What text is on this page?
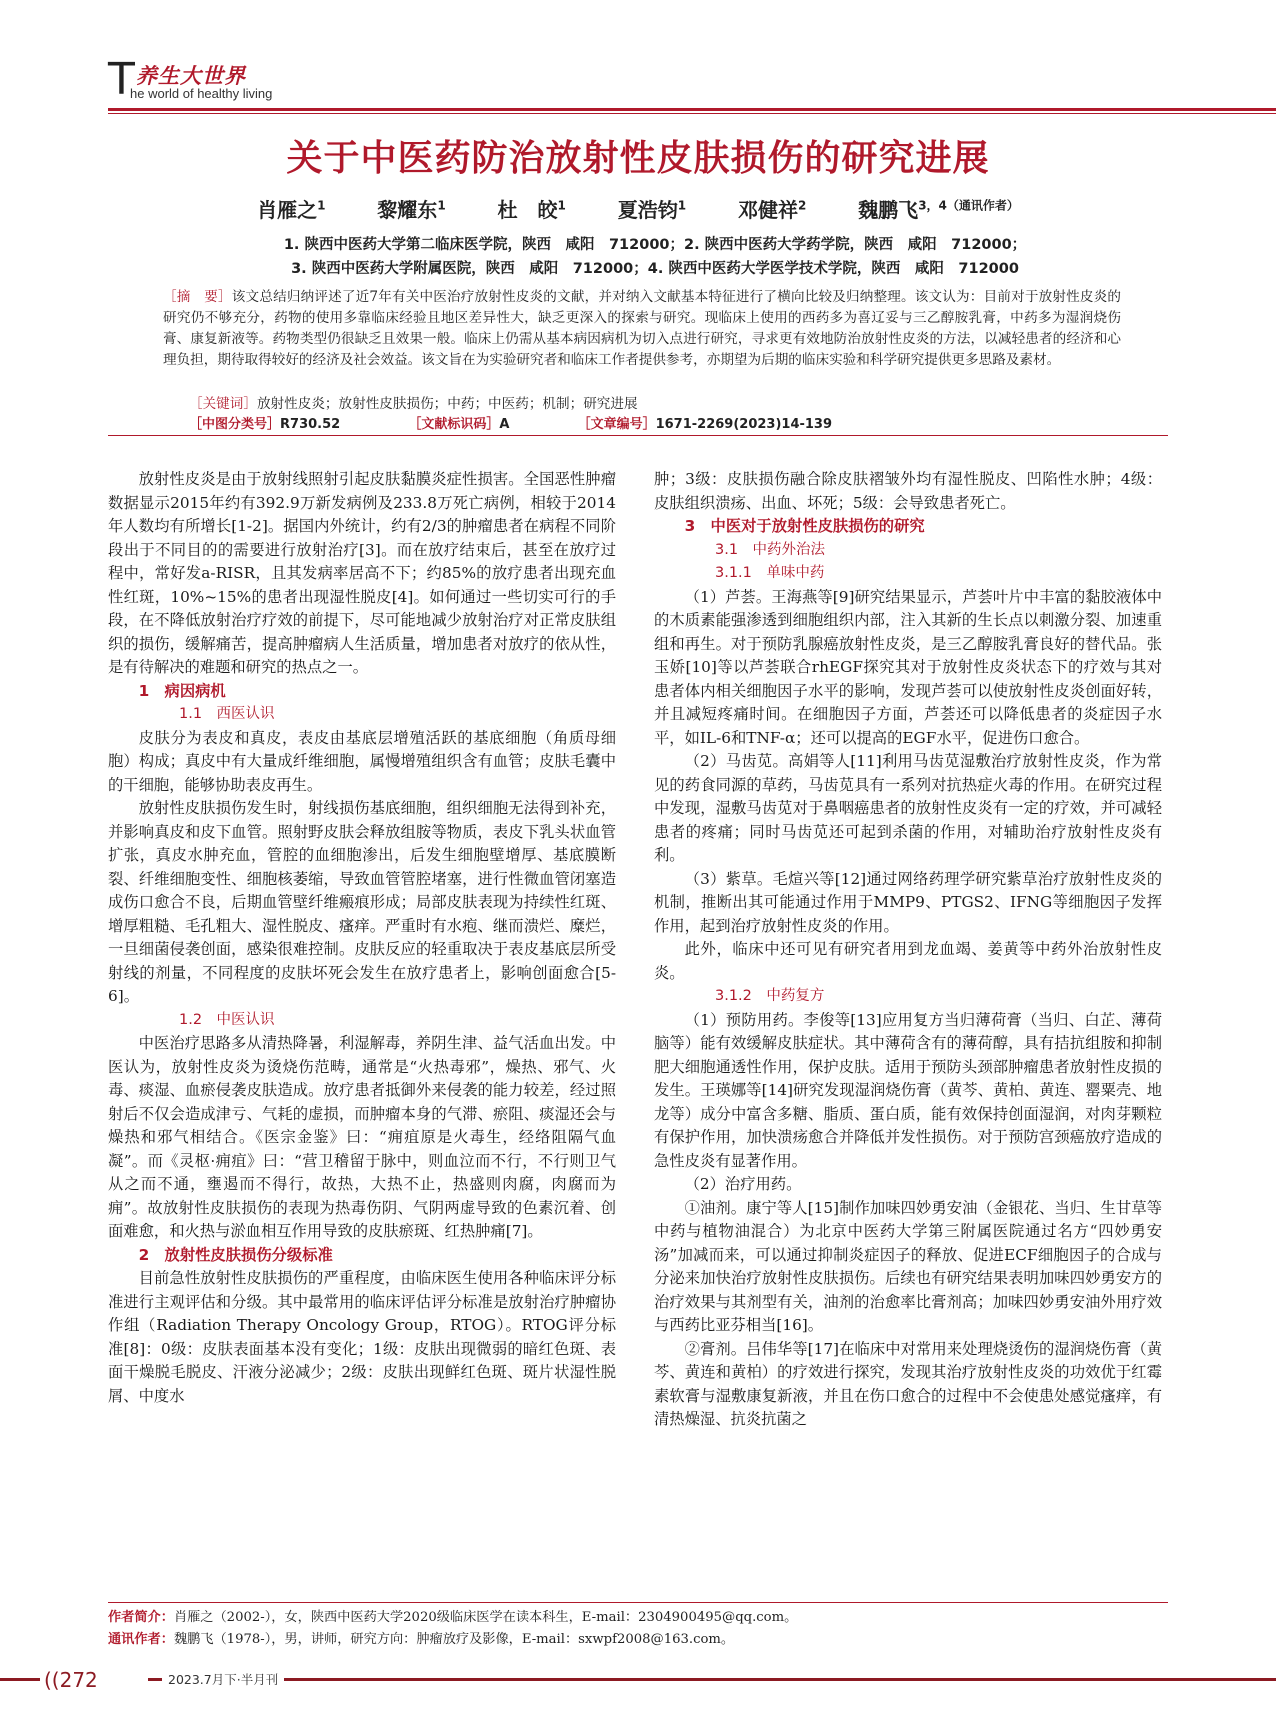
T 养生大世界
he world of healthy living
关于中医药防治放射性皮肤损伤的研究进展
肖雁之$^1$	黎耀东$^1$	杜　皎$^1$	夏浩钧$^1$	邓健祥$^2$	魏鹏飞$^{3,4(通讯作者)}$
1. 陕西中医药大学第二临床医学院，陕西　咸阳　712000；2. 陕西中医药大学药学院，陕西　咸阳　712000；
3. 陕西中医药大学附属医院，陕西　咸阳　712000；4. 陕西中医药大学医学技术学院，陕西　咸阳　712000
［摘　要］该文总结归纳评述了近7年有关中医治疗放射性皮炎的文献，并对纳入文献基本特征进行了横向比较及归纳整理。该文认为：目前对于放射性皮炎的研究仍不够充分，药物的使用多靠临床经验且地区差异性大，缺乏更深入的探索与研究。现临床上使用的西药多为喜辽妥与三乙醇胺乳膏，中药多为湿润烧伤膏、康复新液等。药物类型仍很缺乏且效果一般。临床上仍需从基本病因病机为切入点进行研究，寻求更有效地防治放射性皮炎的方法，以减轻患者的经济和心理负担，期待取得较好的经济及社会效益。该文旨在为实验研究者和临床工作者提供参考，亦期望为后期的临床实验和科学研究提供更多思路及素材。
［关键词］放射性皮炎；放射性皮肤损伤；中药；中医药；机制；研究进展
［中图分类号］R730.52	［文献标识码］A	［文章编号］1671-2269(2023)14-139

放射性皮炎是由于放射线照射引起皮肤黏膜炎症性损害。全国恶性肿瘤数据显示2015年约有392.9万新发病例及233.8万死亡病例，相较于2014年人数均有所增长[1-2]。据国内外统计，约有2/3的肿瘤患者在病程不同阶段出于不同目的的需要进行放射治疗[3]。而在放疗结束后，甚至在放疗过程中，常好发a-RISR，且其发病率居高不下；约85%的放疗患者出现充血性红斑，10%~15%的患者出现湿性脱皮[4]。如何通过一些切实可行的手段，在不降低放射治疗疗效的前提下，尽可能地减少放射治疗对正常皮肤组织的损伤，缓解痛苦，提高肿瘤病人生活质量，增加患者对放疗的依从性，是有待解决的难题和研究的热点之一。

1　病因病机

1.1　西医认识

皮肤分为表皮和真皮，表皮由基底层增殖活跃的基底细胞（角质母细胞）构成；真皮中有大量成纤维细胞，属慢增殖组织含有血管；皮肤毛囊中的干细胞，能够协助表皮再生。

放射性皮肤损伤发生时，射线损伤基底细胞，组织细胞无法得到补充，并影响真皮和皮下血管。照射野皮肤会释放组胺等物质，表皮下乳头状血管扩张，真皮水肿充血，管腔的血细胞渗出，后发生细胞壁增厚、基底膜断裂、纤维细胞变性、细胞核萎缩，导致血管管腔堵塞，进行性微血管闭塞造成伤口愈合不良，后期血管壁纤维瘢痕形成；局部皮肤表现为持续性红斑、增厚粗糙、毛孔粗大、湿性脱皮、瘙痒。严重时有水疱、继而溃烂、糜烂，一旦细菌侵袭创面，感染很难控制。皮肤反应的轻重取决于表皮基底层所受射线的剂量，不同程度的皮肤坏死会发生在放疗患者上，影响创面愈合[5-6]。

1.2　中医认识

中医治疗思路多从清热降暑，利湿解毒，养阴生津、益气活血出发。中医认为，放射性皮炎为烫烧伤范畴，通常是“火热毒邪”，燥热、邪气、火毒、痰湿、血瘀侵袭皮肤造成。放疗患者抵御外来侵袭的能力较差，经过照射后不仅会造成津亏、气耗的虚损，而肿瘤本身的气滞、瘀阻、痰湿还会与燥热和邪气相结合。《医宗金鉴》曰：“痈疽原是火毒生，经络阻隔气血凝”。而《灵枢·痈疽》曰：“营卫稽留于脉中，则血泣而不行，不行则卫气从之而不通，壅遏而不得行，故热，大热不止，热盛则肉腐，肉腐而为痈”。故放射性皮肤损伤的表现为热毒伤阴、气阴两虚导致的色素沉着、创面难愈，和火热与淤血相互作用导致的皮肤瘀斑、红热肿痛[7]。

2　放射性皮肤损伤分级标准

目前急性放射性皮肤损伤的严重程度，由临床医生使用各种临床评分标准进行主观评估和分级。其中最常用的临床评估评分标准是放射治疗肿瘤协作组（Radiation Therapy Oncology Group，RTOG）。RTOG评分标准[8]：0级：皮肤表面基本没有变化；1级：皮肤出现微弱的暗红色斑、表面干燥脱毛脱皮、汗液分泌减少；2级：皮肤出现鲜红色斑、斑片状湿性脱屑、中度水

肿；3级：皮肤损伤融合除皮肤褶皱外均有湿性脱皮、凹陷性水肿；4级：皮肤组织溃疡、出血、坏死；5级：会导致患者死亡。

3　中医对于放射性皮肤损伤的研究

3.1　中药外治法

3.1.1　单味中药

（1）芦荟。王海燕等[9]研究结果显示，芦荟叶片中丰富的黏胶液体中的木质素能强渗透到细胞组织内部，注入其新的生长点以刺激分裂、加速重组和再生。对于预防乳腺癌放射性皮炎，是三乙醇胺乳膏良好的替代品。张玉娇[10]等以芦荟联合rhEGF探究其对于放射性皮炎状态下的疗效与其对患者体内相关细胞因子水平的影响，发现芦荟可以使放射性皮炎创面好转，并且减短疼痛时间。在细胞因子方面，芦荟还可以降低患者的炎症因子水平，如IL-6和TNF-α；还可以提高的EGF水平，促进伤口愈合。

（2）马齿苋。高娟等人[11]利用马齿苋湿敷治疗放射性皮炎，作为常见的药食同源的草药，马齿苋具有一系列对抗热症火毒的作用。在研究过程中发现，湿敷马齿苋对于鼻咽癌患者的放射性皮炎有一定的疗效，并可减轻患者的疼痛；同时马齿苋还可起到杀菌的作用，对辅助治疗放射性皮炎有利。

（3）紫草。毛煊兴等[12]通过网络药理学研究紫草治疗放射性皮炎的机制，推断出其可能通过作用于MMP9、PTGS2、IFNG等细胞因子发挥作用，起到治疗放射性皮炎的作用。

此外，临床中还可见有研究者用到龙血竭、姜黄等中药外治放射性皮炎。

3.1.2　中药复方

（1）预防用药。李俊等[13]应用复方当归薄荷膏（当归、白芷、薄荷脑等）能有效缓解皮肤症状。其中薄荷含有的薄荷醇，具有拮抗组胺和抑制肥大细胞通透性作用，保护皮肤。适用于预防头颈部肿瘤患者放射性皮损的发生。王瑛娜等[14]研究发现湿润烧伤膏（黄芩、黄柏、黄连、罂粟壳、地龙等）成分中富含多糖、脂质、蛋白质，能有效保持创面湿润，对肉芽颗粒有保护作用，加快溃疡愈合并降低并发性损伤。对于预防宫颈癌放疗造成的急性皮炎有显著作用。

（2）治疗用药。

①油剂。康宁等人[15]制作加味四妙勇安油（金银花、当归、生甘草等中药与植物油混合）为北京中医药大学第三附属医院通过名方“四妙勇安汤”加减而来，可以通过抑制炎症因子的释放、促进ECF细胞因子的合成与分泌来加快治疗放射性皮肤损伤。后续也有研究结果表明加味四妙勇安方的治疗效果与其剂型有关，油剂的治愈率比膏剂高；加味四妙勇安油外用疗效与西药比亚芬相当[16]。

②膏剂。吕伟华等[17]在临床中对常用来处理烧烫伤的湿润烧伤膏（黄芩、黄连和黄柏）的疗效进行探究，发现其治疗放射性皮炎的功效优于红霉素软膏与湿敷康复新液，并且在伤口愈合的过程中不会使患处感觉瘙痒，有清热燥湿、抗炎抗菌之

作者简介：肖雁之（2002-），女，陕西中医药大学2020级临床医学在读本科生，E-mail：2304900495@qq.com。
通讯作者：魏鹏飞（1978-），男，讲师，研究方向：肿瘤放疗及影像，E-mail：sxwpf2008@163.com。
((272	2023.7月下·半月刊
